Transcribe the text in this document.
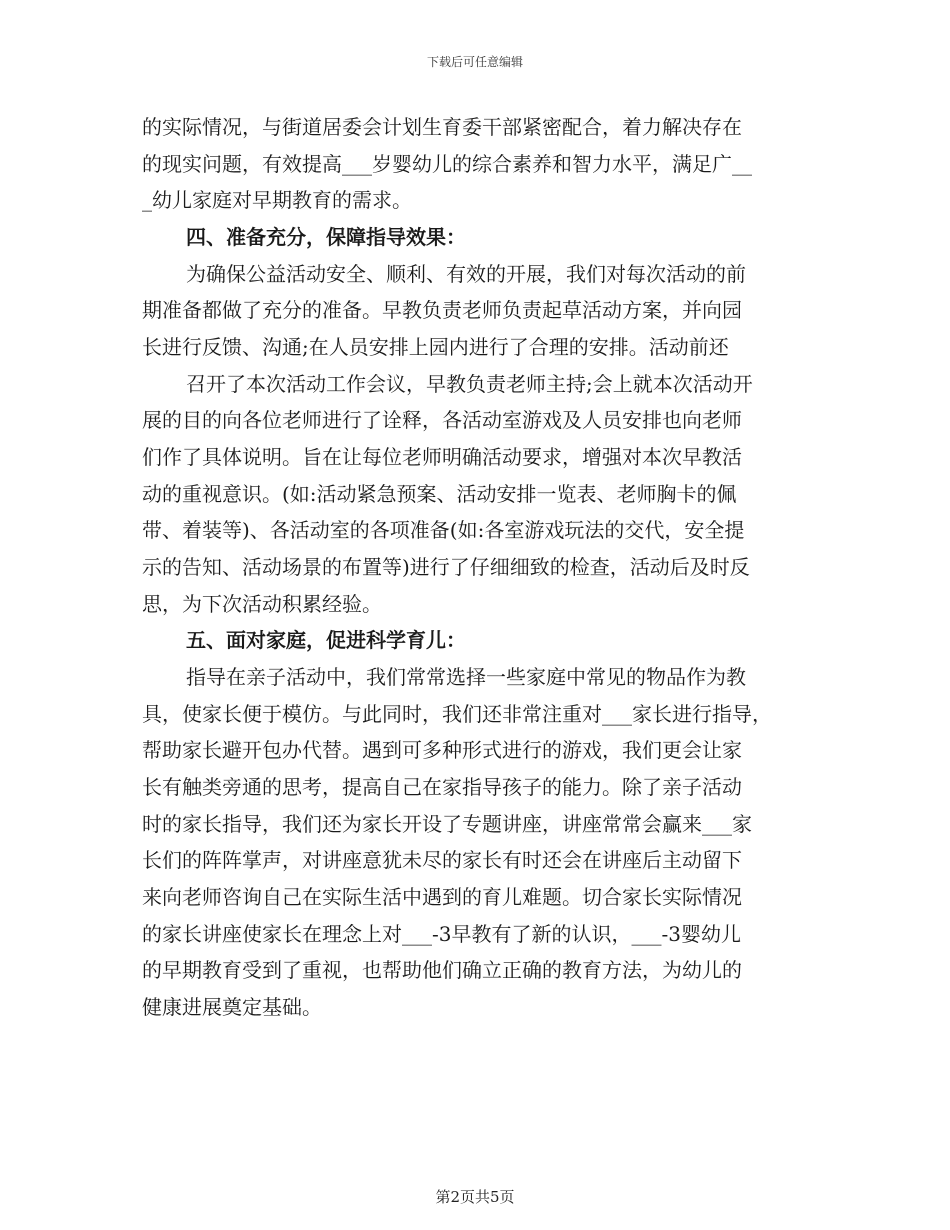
下载后可任意编辑
的实际情况，与街道居委会计划生育委干部紧密配合，着力解决存在
的现实问题，有效提高___岁婴幼儿的综合素养和智力水平，满足广__
_幼儿家庭对早期教育的需求。
四、准备充分，保障指导效果：
为确保公益活动安全、顺利、有效的开展，我们对每次活动的前
期准备都做了充分的准备。早教负责老师负责起草活动方案，并向园
长进行反馈、沟通;在人员安排上园内进行了合理的安排。活动前还
召开了本次活动工作会议，早教负责老师主持;会上就本次活动开
展的目的向各位老师进行了诠释，各活动室游戏及人员安排也向老师
们作了具体说明。旨在让每位老师明确活动要求，增强对本次早教活
动的重视意识。(如:活动紧急预案、活动安排一览表、老师胸卡的佩
带、着装等)、各活动室的各项准备(如:各室游戏玩法的交代，安全提
示的告知、活动场景的布置等)进行了仔细细致的检查，活动后及时反
思，为下次活动积累经验。
五、面对家庭，促进科学育儿：
指导在亲子活动中，我们常常选择一些家庭中常见的物品作为教
具，使家长便于模仿。与此同时，我们还非常注重对___家长进行指导，
帮助家长避开包办代替。遇到可多种形式进行的游戏，我们更会让家
长有触类旁通的思考，提高自己在家指导孩子的能力。除了亲子活动
时的家长指导，我们还为家长开设了专题讲座，讲座常常会赢来___家
长们的阵阵掌声，对讲座意犹未尽的家长有时还会在讲座后主动留下
来向老师咨询自己在实际生活中遇到的育儿难题。切合家长实际情况
的家长讲座使家长在理念上对___-3早教有了新的认识，___-3婴幼儿
的早期教育受到了重视，也帮助他们确立正确的教育方法，为幼儿的
健康进展奠定基础。
第2页共5页
